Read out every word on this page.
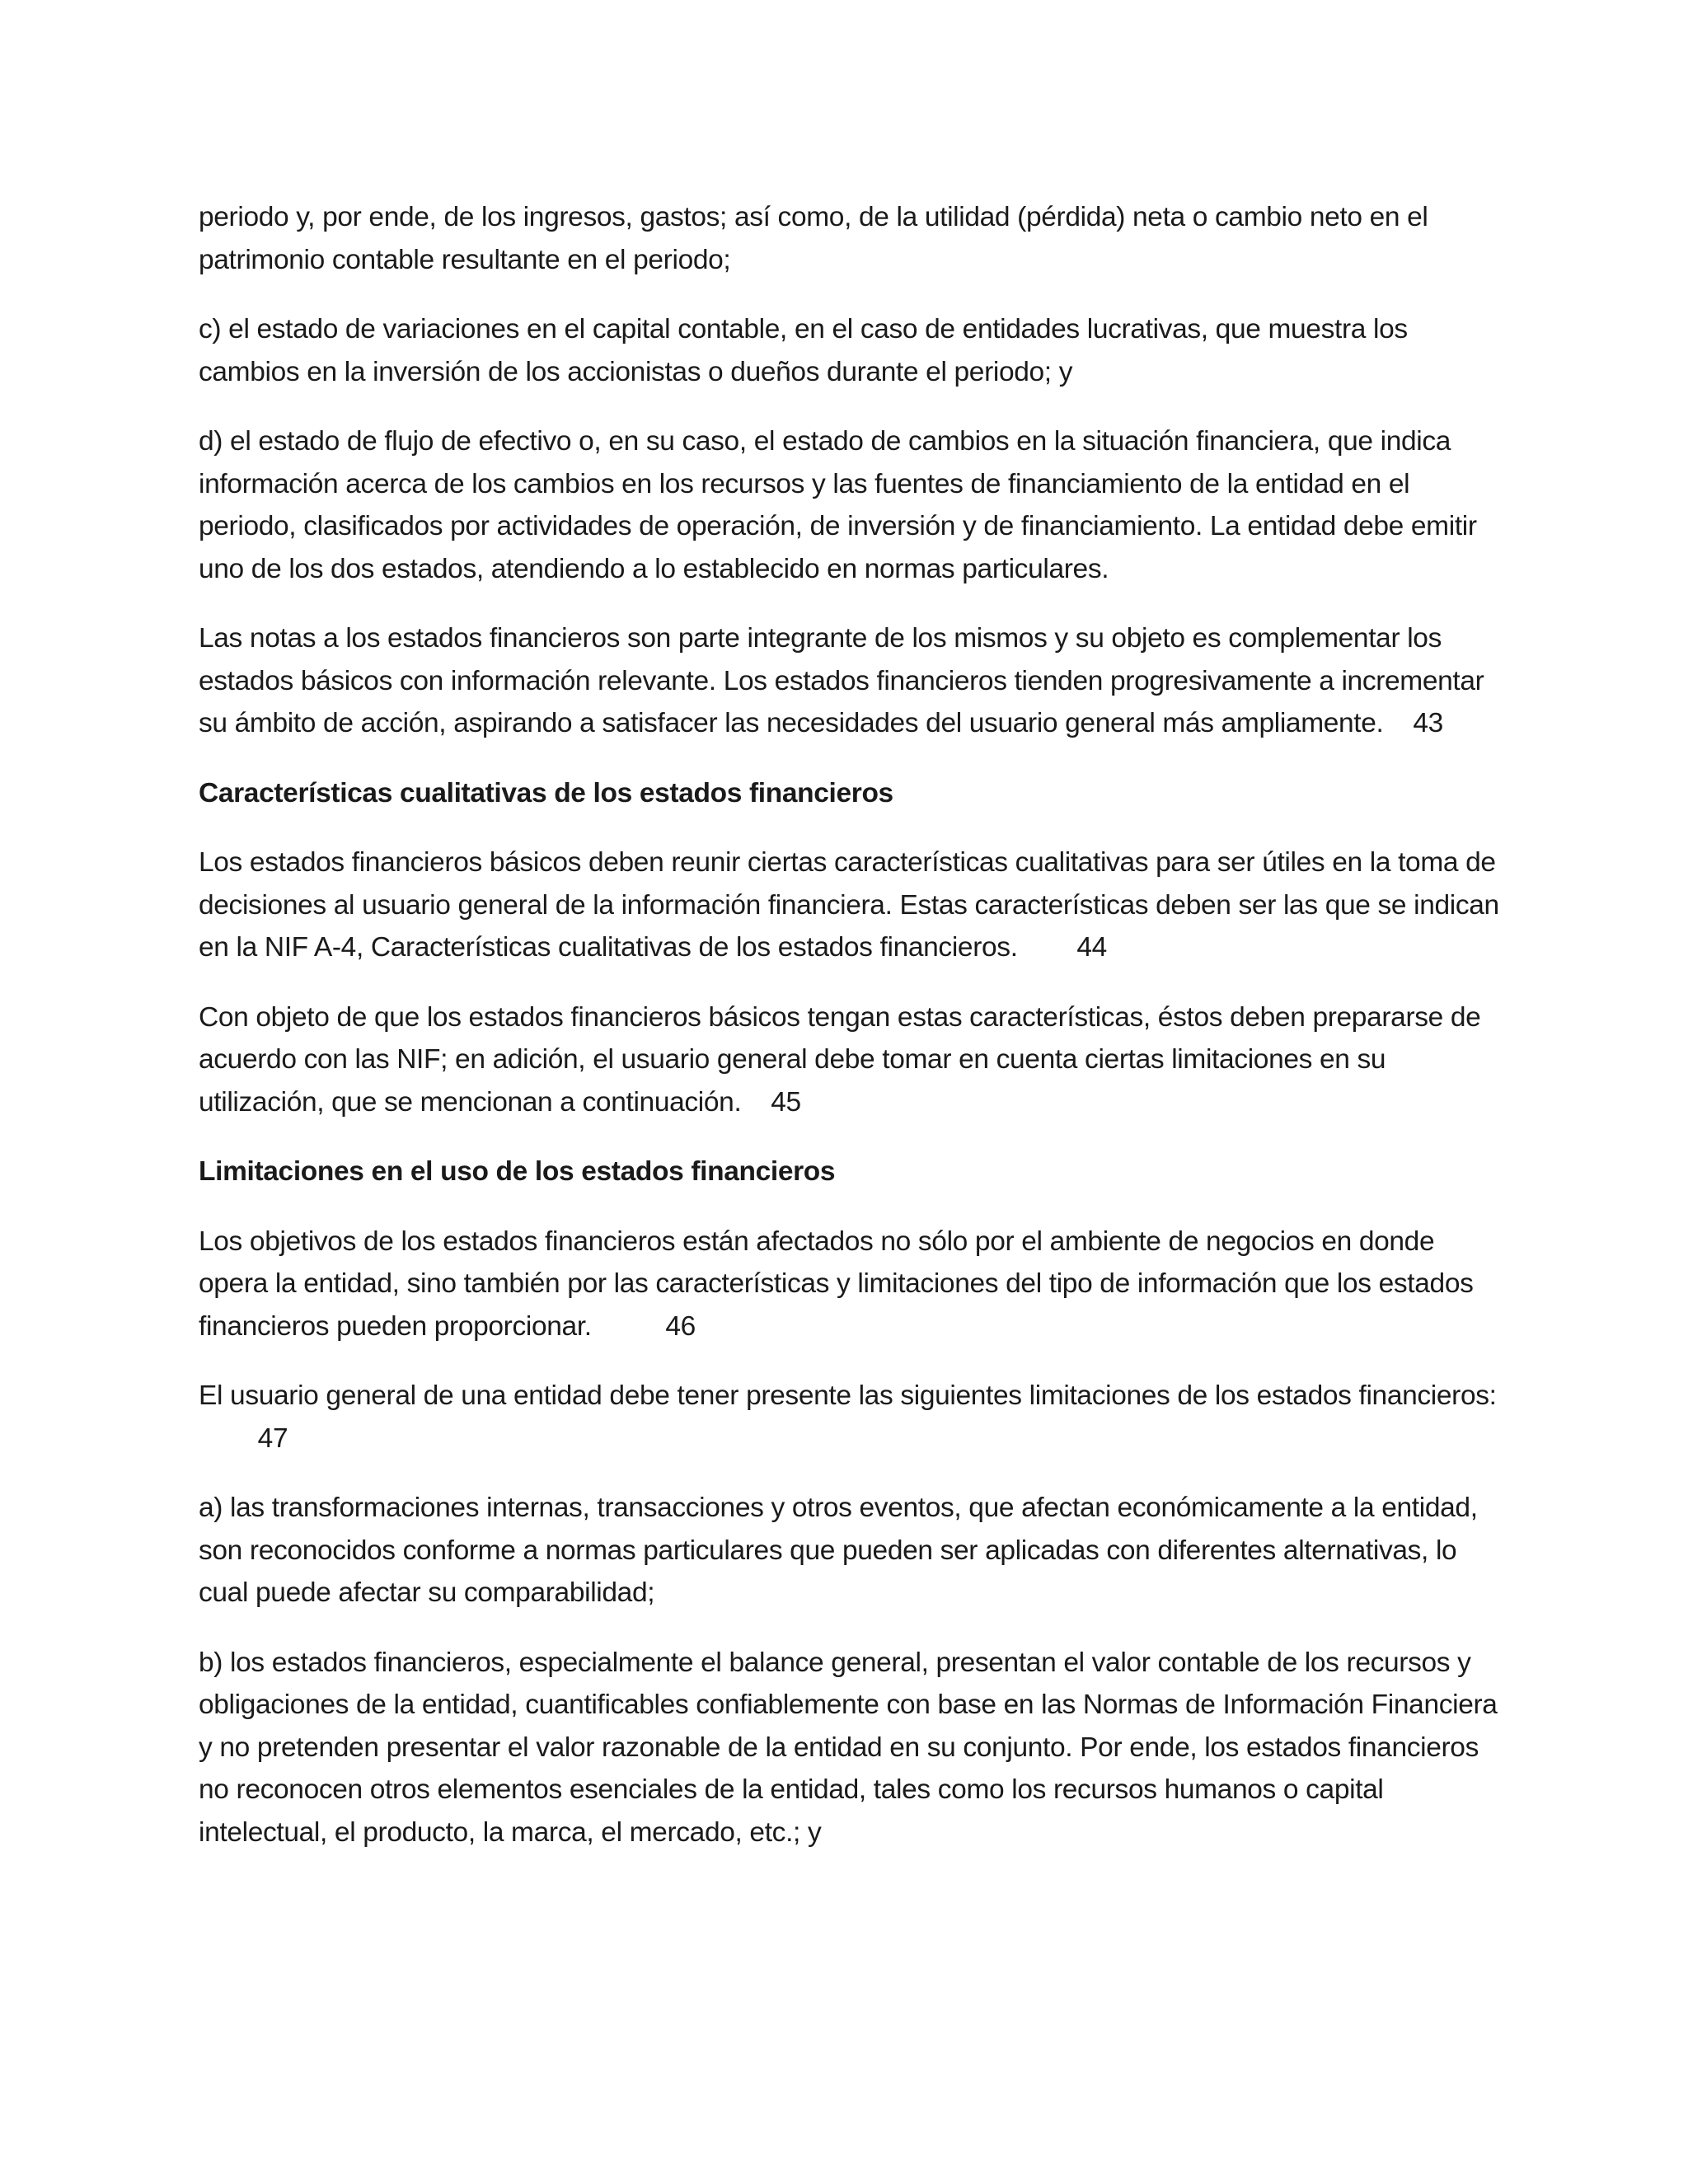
periodo y, por ende, de los ingresos, gastos; así como, de la utilidad (pérdida) neta o cambio neto en el patrimonio contable resultante en el periodo;

c) el estado de variaciones en el capital contable, en el caso de entidades lucrativas, que muestra los cambios en la inversión de los accionistas o dueños durante el periodo; y

d) el estado de flujo de efectivo o, en su caso, el estado de cambios en la situación financiera, que indica información acerca de los cambios en los recursos y las fuentes de financiamiento de la entidad en el periodo, clasificados por actividades de operación, de inversión y de financiamiento. La entidad debe emitir uno de los dos estados, atendiendo a lo establecido en normas particulares.

Las notas a los estados financieros son parte integrante de los mismos y su objeto es complementar los estados básicos con información relevante. Los estados financieros tienden progresivamente a incrementar su ámbito de acción, aspirando a satisfacer las necesidades del usuario general más ampliamente. 43

Características cualitativas de los estados financieros

Los estados financieros básicos deben reunir ciertas características cualitativas para ser útiles en la toma de decisiones al usuario general de la información financiera. Estas características deben ser las que se indican en la NIF A-4, Características cualitativas de los estados financieros. 44

Con objeto de que los estados financieros básicos tengan estas características, éstos deben prepararse de acuerdo con las NIF; en adición, el usuario general debe tomar en cuenta ciertas limitaciones en su utilización, que se mencionan a continuación. 45

Limitaciones en el uso de los estados financieros

Los objetivos de los estados financieros están afectados no sólo por el ambiente de negocios en donde opera la entidad, sino también por las características y limitaciones del tipo de información que los estados financieros pueden proporcionar.	46

El usuario general de una entidad debe tener presente las siguientes limitaciones de los estados financieros:        47

a) las transformaciones internas, transacciones y otros eventos, que afectan económicamente a la entidad, son reconocidos conforme a normas particulares que pueden ser aplicadas con diferentes alternativas, lo cual puede afectar su comparabilidad;

b) los estados financieros, especialmente el balance general, presentan el valor contable de los recursos y obligaciones de la entidad, cuantificables confiablemente con base en las Normas de Información Financiera y no pretenden presentar el valor razonable de la entidad en su conjunto. Por ende, los estados financieros no reconocen otros elementos esenciales de la entidad, tales como los recursos humanos o capital intelectual, el producto, la marca, el mercado, etc.; y
